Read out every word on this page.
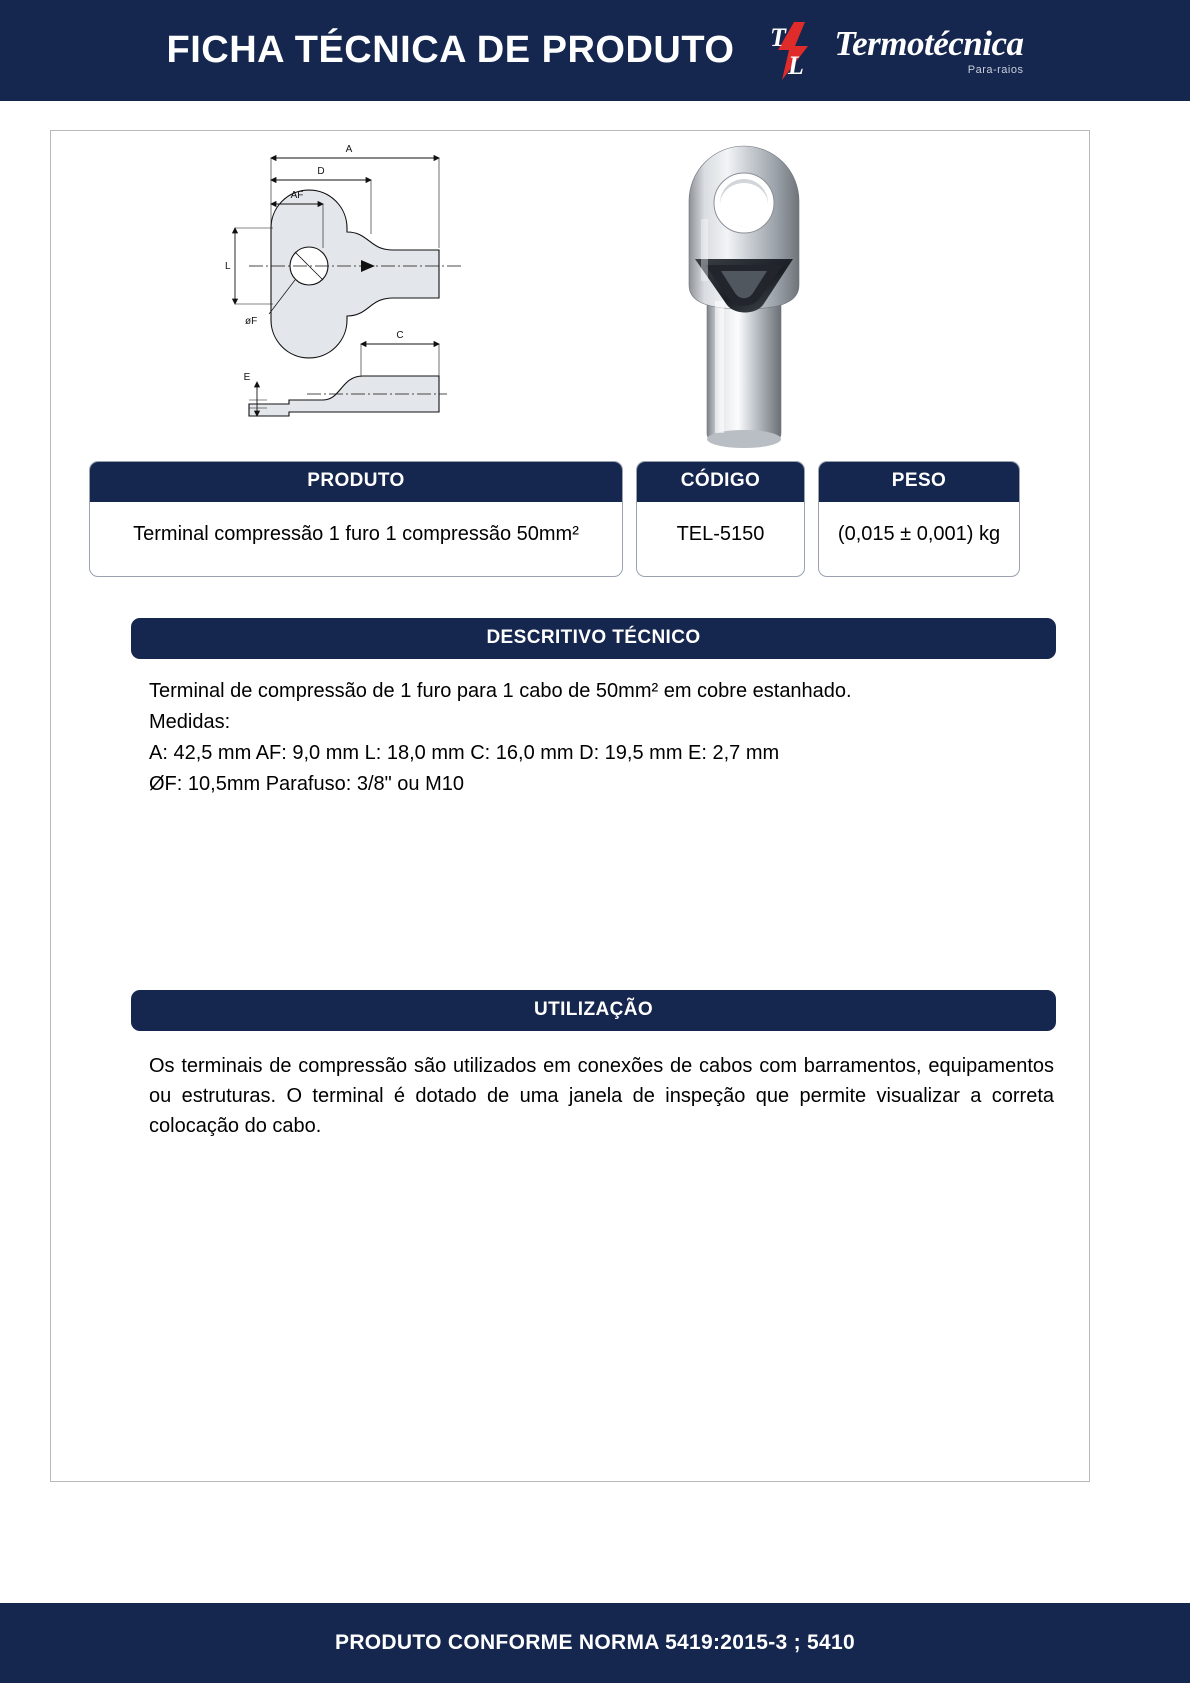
FICHA TÉCNICA DE PRODUTO T
L
Termotécnica
Para-raios
A
D
AF
L
øF
C
E
PRODUTO
Terminal compressão 1 furo 1 compressão 50mm²
CÓDIGO
TEL-5150
PESO
(0,015 ± 0,001) kg
DESCRITIVO TÉCNICO
Terminal de compressão de 1 furo para 1 cabo de 50mm² em cobre estanhado.
Medidas:
A: 42,5 mm AF: 9,0 mm L: 18,0 mm C: 16,0 mm D: 19,5 mm E: 2,7 mm
ØF: 10,5mm Parafuso: 3/8" ou M10
UTILIZAÇÃO
Os terminais de compressão são utilizados em conexões de cabos com barramentos, equipamentos ou estruturas. O terminal é dotado de uma janela de inspeção que permite visualizar a correta colocação do cabo.
PRODUTO CONFORME NORMA 5419:2015-3 ; 5410
